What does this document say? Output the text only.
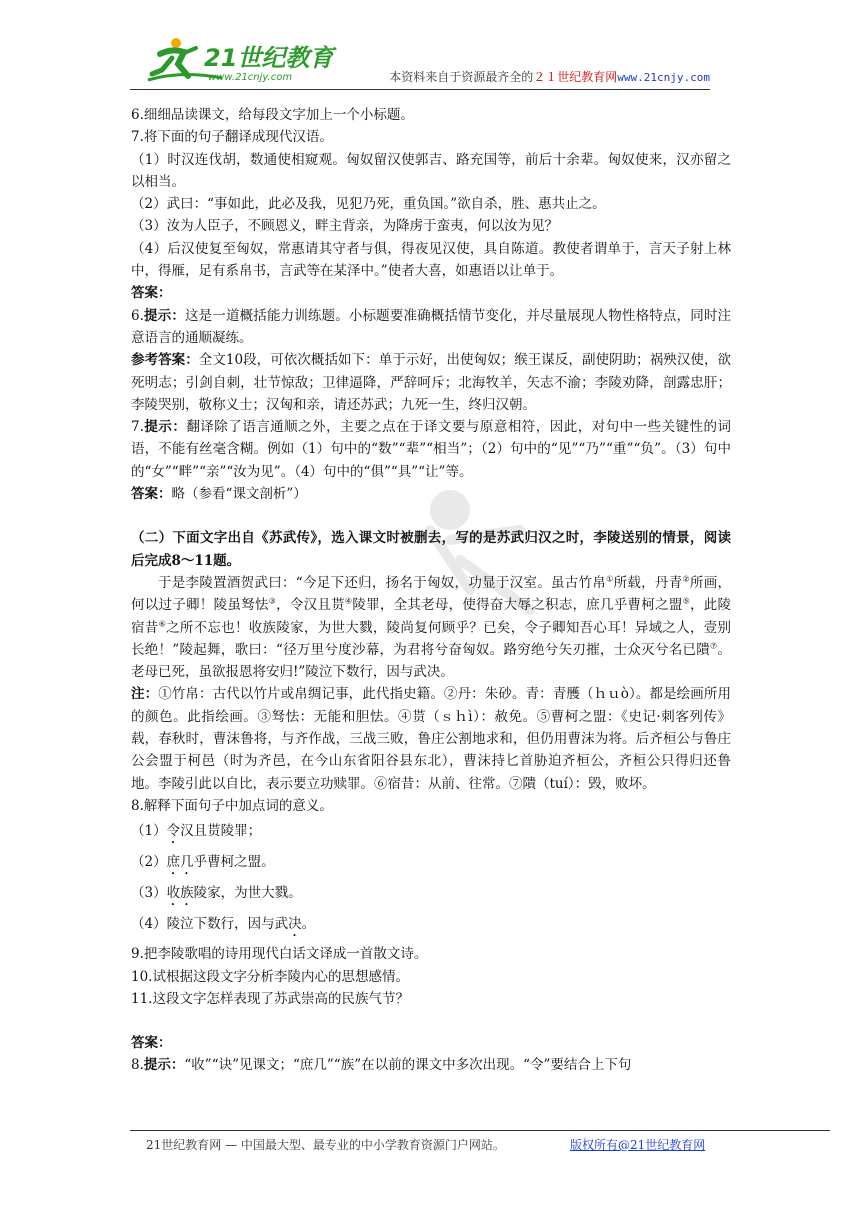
21世纪教育
www.21cnjy.com	本资料来自于资源最齐全的２１世纪教育网www.21cnjy.com

6.细细品读课文，给每段文字加上一个小标题。

7.将下面的句子翻译成现代汉语。

（1）时汉连伐胡，数通使相窥观。匈奴留汉使郭吉、路充国等，前后十余辈。匈奴使来，汉亦留之以相当。

（2）武曰：“事如此，此必及我，见犯乃死，重负国。”欲自杀，胜、惠共止之。

（3）汝为人臣子，不顾恩义，畔主背亲，为降虏于蛮夷，何以汝为见？

（4）后汉使复至匈奴，常惠请其守者与俱，得夜见汉使，具自陈道。教使者谓单于，言天子射上林中，得雁，足有系帛书，言武等在某泽中。”使者大喜，如惠语以让单于。

答案：

6.提示：这是一道概括能力训练题。小标题要准确概括情节变化，并尽量展现人物性格特点，同时注意语言的通顺凝练。

参考答案：全文10段，可依次概括如下：单于示好，出使匈奴；缑王谋反，副使阴助；祸殃汉使，欲死明志；引剑自刺，壮节惊敌；卫律逼降，严辞呵斥；北海牧羊，矢志不渝；李陵劝降，剖露忠肝；李陵哭别，敬称义士；汉匈和亲，请还苏武；九死一生，终归汉朝。

7.提示：翻译除了语言通顺之外，主要之点在于译文要与原意相符，因此，对句中一些关键性的词语，不能有丝毫含糊。例如（1）句中的“数”“辈”“相当”；（2）句中的“见”“乃”“重”“负”。（3）句中的“女”“畔”“亲”“汝为见”。（4）句中的“俱”“具”“让”等。

答案：略（参看“课文剖析”）

（二）下面文字出自《苏武传》，选入课文时被删去，写的是苏武归汉之时，李陵送别的情景，阅读后完成8～11题。

于是李陵置酒贺武曰：“今足下还归，扬名于匈奴，功显于汉室。虽古竹帛①所载，丹青②所画，何以过子卿！陵虽驽怯③，令汉且贳④陵罪，全其老母，使得奋大辱之积志，庶几乎曹柯之盟⑤，此陵宿昔⑥之所不忘也！收族陵家，为世大戮，陵尚复何顾乎？已矣，令子卿知吾心耳！异域之人，壹别长绝！”陵起舞，歌曰：“径万里兮度沙幕，为君将兮奋匈奴。路穷绝兮矢刃摧，士众灭兮名已隤⑦。老母已死，虽欲报恩将安归!”陵泣下数行，因与武决。

注：①竹帛：古代以竹片或帛绸记事，此代指史籍。②丹：朱砂。青：青雘（ｈｕò）。都是绘画所用的颜色。此指绘画。③驽怯：无能和胆怯。④贳（ｓｈì）：赦免。⑤曹柯之盟：《史记·刺客列传》载，春秋时，曹沫鲁将，与齐作战，三战三败，鲁庄公割地求和，但仍用曹沫为将。后齐桓公与鲁庄公会盟于柯邑（时为齐邑，在今山东省阳谷县东北），曹沫持匕首胁迫齐桓公，齐桓公只得归还鲁地。李陵引此以自比，表示要立功赎罪。⑥宿昔：从前、往常。⑦隤（tuí）：毁，败坏。

8.解释下面句子中加点词的意义。

（1）令汉且贳陵罪；

（2）庶几乎曹柯之盟。

（3）收族陵家，为世大戮。

（4）陵泣下数行，因与武决。

9.把李陵歌唱的诗用现代白话文译成一首散文诗。

10.试根据这段文字分析李陵内心的思想感情。

11.这段文字怎样表现了苏武崇高的民族气节？

答案：

8.提示：“收”“诀”见课文；“庶几”“族”在以前的课文中多次出现。“令”要结合上下句

21世纪教育网 — 中国最大型、最专业的中小学教育资源门户网站。	版权所有@21世纪教育网
